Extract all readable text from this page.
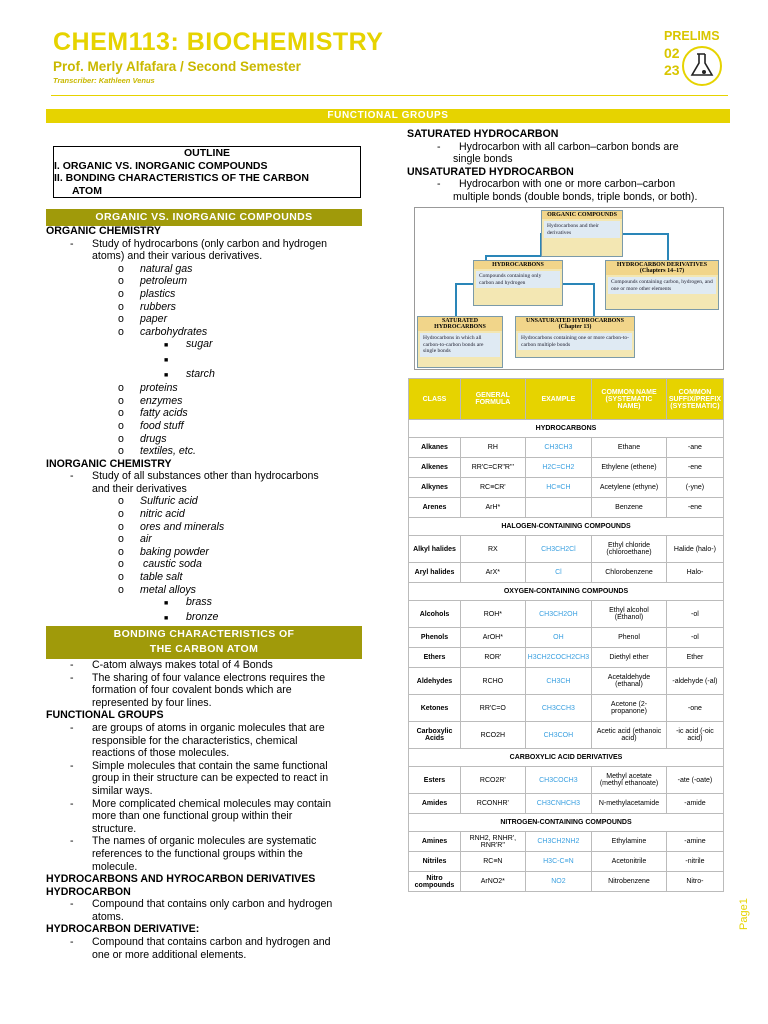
CHEM113: BIOCHEMISTRY
Prof. Merly Alfafara / Second Semester
Transcriber: Kathleen Venus
PRELIMS
02
23
FUNCTIONAL GROUPS
OUTLINE
I. ORGANIC VS. INORGANIC COMPOUNDS
II. BONDING CHARACTERISTICS OF THE CARBON
ATOM
ORGANIC VS. INORGANIC COMPOUNDS
ORGANIC CHEMISTRY
- Study of hydrocarbons (only carbon and hydrogen
atoms) and their various derivatives.
o natural gas
o petroleum
o plastics
o rubbers
o paper
o carbohydrates
■ sugar
■
■ starch
o proteins
o enzymes
o fatty acids
o food stuff
o drugs
o textiles, etc.
INORGANIC CHEMISTRY
- Study of all substances other than hydrocarbons
and their derivatives
o Sulfuric acid
o nitric acid
o ores and minerals
o air
o baking powder
o caustic soda
o table salt
o metal alloys
■ brass
■ bronze
BONDING CHARACTERISTICS OF
THE CARBON ATOM
- C-atom always makes total of 4 Bonds
- The sharing of four valance electrons requires the
formation of four covalent bonds which are
represented by four lines.
FUNCTIONAL GROUPS
- are groups of atoms in organic molecules that are
responsible for the characteristics, chemical
reactions of those molecules.
- Simple molecules that contain the same functional
group in their structure can be expected to react in
similar ways.
- More complicated chemical molecules may contain
more than one functional group within their
structure.
- The names of organic molecules are systematic
references to the functional groups within the
molecule.
HYDROCARBONS AND HYROCARBON DERIVATIVES
HYDROCARBON
- Compound that contains only carbon and hydrogen
atoms.
HYDROCARBON DERIVATIVE:
- Compound that contains carbon and hydrogen and
one or more additional elements.
SATURATED HYDROCARBON
- Hydrocarbon with all carbon–carbon bonds are
single bonds
UNSATURATED HYDROCARBON
- Hydrocarbon with one or more carbon–carbon
multiple bonds (double bonds, triple bonds, or both).
ORGANIC COMPOUNDS
Hydrocarbons and their derivatives
HYDROCARBONS
Compounds containing only carbon and hydrogen
HYDROCARBON DERIVATIVES (Chapters 14–17)
Compounds containing carbon, hydrogen, and one or more other elements
SATURATED HYDROCARBONS
Hydrocarbons in which all carbon-to-carbon bonds are single bonds
UNSATURATED HYDROCARBONS (Chapter 13)
Hydrocarbons containing one or more carbon-to-carbon multiple bonds
CLASS	GENERAL FORMULA	EXAMPLE	COMMON NAME (SYSTEMATIC NAME)	COMMON SUFFIX/PREFIX (SYSTEMATIC)
HYDROCARBONS				
Alkanes	RH	CH3CH3	Ethane	-ane
Alkenes	RR'C=CR"R'''	H2C=CH2	Ethylene (ethene)	-ene
Alkynes	RC≡CR'	HC≡CH	Acetylene (ethyne)	(-yne)
Arenes	ArH*		Benzene	-ene
HALOGEN-CONTAINING COMPOUNDS				
Alkyl halides	RX	CH3CH2Cl	Ethyl chloride (chloroethane)	Halide (halo-)
Aryl halides	ArX*	Cl	Chlorobenzene	Halo-
OXYGEN-CONTAINING COMPOUNDS				
Alcohols	ROH*	CH3CH2OH	Ethyl alcohol (Ethanol)	-ol
Phenols	ArOH*	OH	Phenol	-ol
Ethers	ROR'	H3CH2COCH2CH3	Diethyl ether	Ether
Aldehydes	RCHO	CH3CH	Acetaldehyde (ethanal)	-aldehyde (-al)
Ketones	RR'C=O	CH3CCH3	Acetone (2-propanone)	-one
Carboxylic Acids	RCO2H	CH3COH	Acetic acid (ethanoic acid)	-ic acid (-oic acid)
CARBOXYLIC ACID DERIVATIVES				
Esters	RCO2R'	CH3COCH3	Methyl acetate (methyl ethanoate)	-ate (-oate)
Amides	RCONHR'	CH3CNHCH3	N-methylacetamide	-amide
NITROGEN-CONTAINING COMPOUNDS				
Amines	RNH2, RNHR', RNR'R"	CH3CH2NH2	Ethylamine	-amine
Nitriles	RC≡N	H3C-C≡N	Acetonitrile	-nitrile
Nitro compounds	ArNO2*	NO2	Nitrobenzene	Nitro-
Page1
